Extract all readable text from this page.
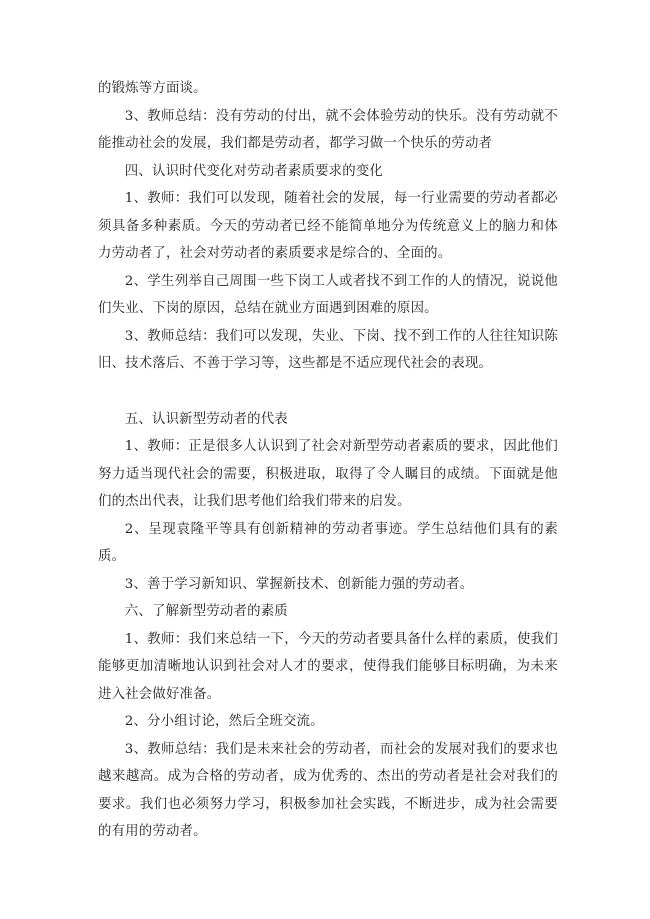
的锻炼等方面谈。

3、教师总结：没有劳动的付出，就不会体验劳动的快乐。没有劳动就不能推动社会的发展，我们都是劳动者，都学习做一个快乐的劳动者

四、认识时代变化对劳动者素质要求的变化

1、教师：我们可以发现，随着社会的发展，每一行业需要的劳动者都必须具备多种素质。今天的劳动者已经不能简单地分为传统意义上的脑力和体力劳动者了，社会对劳动者的素质要求是综合的、全面的。

2、学生列举自己周围一些下岗工人或者找不到工作的人的情况，说说他们失业、下岗的原因，总结在就业方面遇到困难的原因。

3、教师总结：我们可以发现，失业、下岗、找不到工作的人往往知识陈旧、技术落后、不善于学习等，这些都是不适应现代社会的表现。

五、认识新型劳动者的代表

1、教师：正是很多人认识到了社会对新型劳动者素质的要求，因此他们努力适当现代社会的需要，积极进取，取得了令人瞩目的成绩。下面就是他们的杰出代表，让我们思考他们给我们带来的启发。

2、呈现袁隆平等具有创新精神的劳动者事迹。学生总结他们具有的素质。

3、善于学习新知识、掌握新技术、创新能力强的劳动者。

六、了解新型劳动者的素质

1、教师：我们来总结一下，今天的劳动者要具备什么样的素质，使我们能够更加清晰地认识到社会对人才的要求，使得我们能够目标明确，为未来进入社会做好准备。

2、分小组讨论，然后全班交流。

3、教师总结：我们是未来社会的劳动者，而社会的发展对我们的要求也越来越高。成为合格的劳动者，成为优秀的、杰出的劳动者是社会对我们的要求。我们也必须努力学习，积极参加社会实践，不断进步，成为社会需要的有用的劳动者。
